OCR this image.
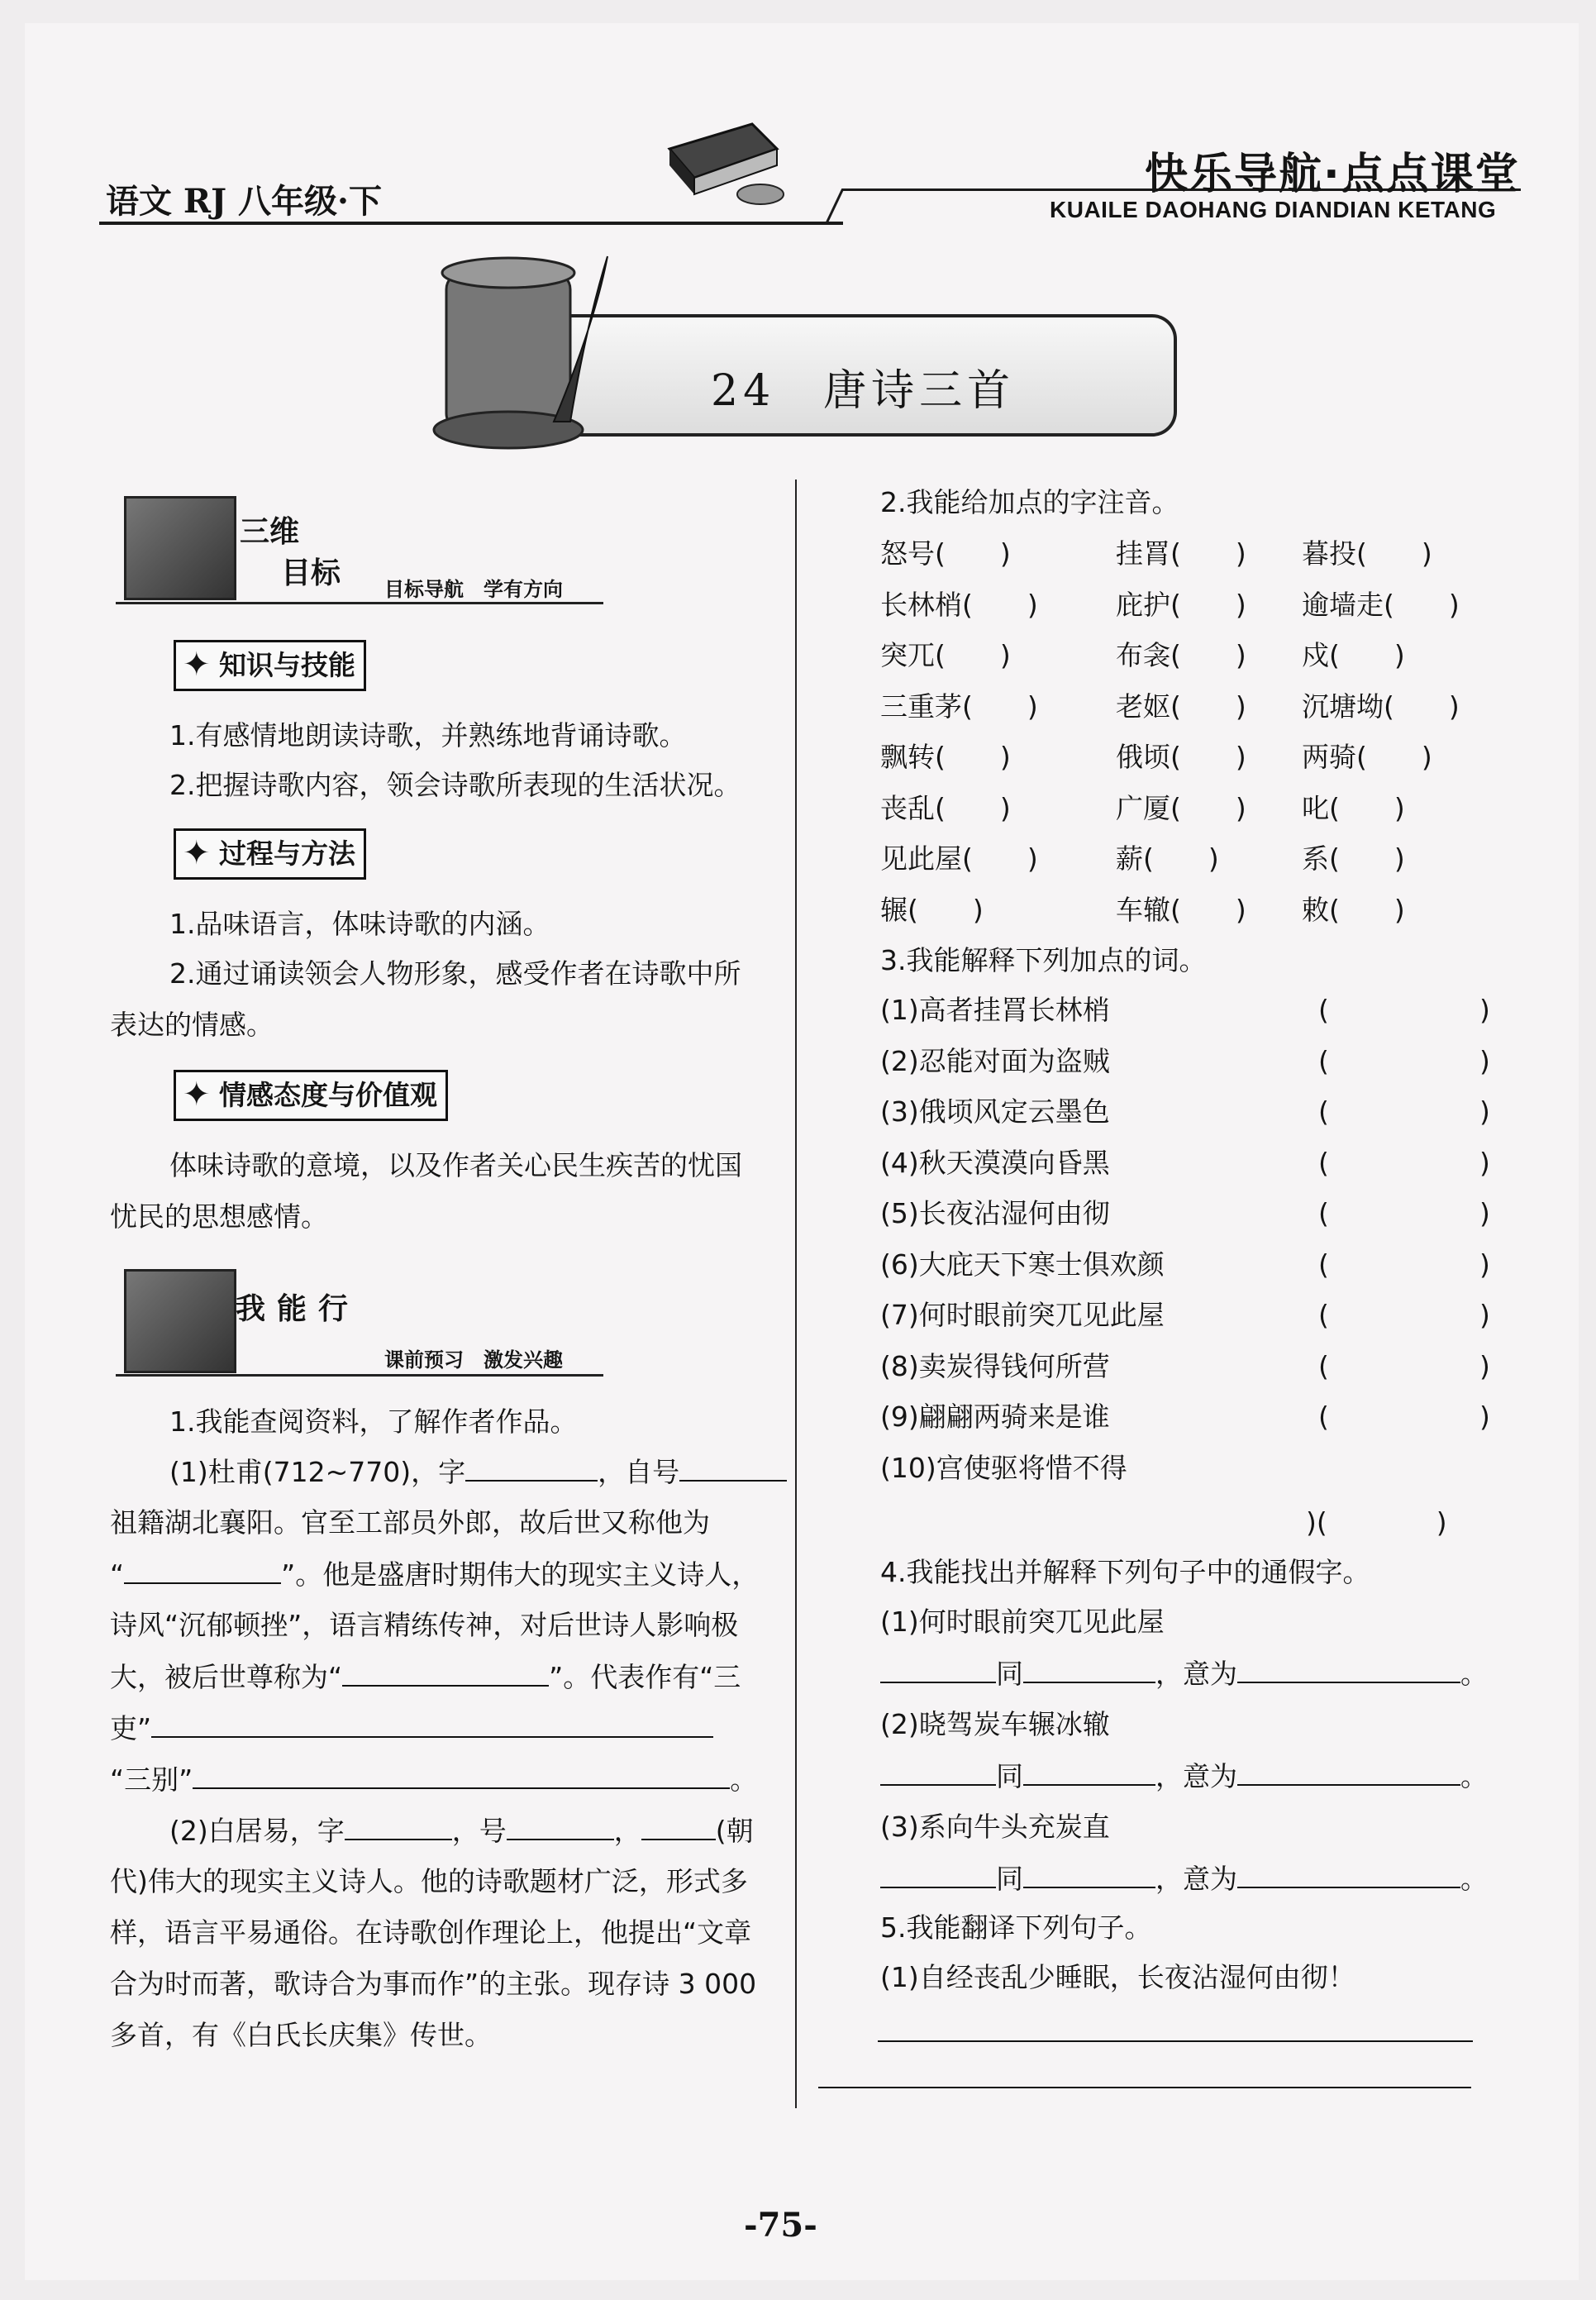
语文 RJ 八年级·下
快乐导航·点点课堂
KUAILE DAOHANG DIANDIAN KETANG
24　唐诗三首
三维
目标 目标导航　学有方向
✦ 知识与技能
1.有感情地朗读诗歌，并熟练地背诵诗歌。
2.把握诗歌内容，领会诗歌所表现的生活状况。
✦ 过程与方法
1.品味语言，体味诗歌的内涵。
2.通过诵读领会人物形象，感受作者在诗歌中所
表达的情感。
✦ 情感态度与价值观
体味诗歌的意境，以及作者关心民生疾苦的忧国
忧民的思想感情。
我能行
课前预习　激发兴趣
1.我能查阅资料，了解作者作品。
(1)杜甫(712~770)，字	，自号
祖籍湖北襄阳。官至工部员外郎，故后世又称他为
“	”。他是盛唐时期伟大的现实主义诗人，
诗风“沉郁顿挫”，语言精练传神，对后世诗人影响极
大，被后世尊称为“	”。代表作有“三
吏”
“三别”	。
(2)白居易，字	，号	，	(朝
代)伟大的现实主义诗人。他的诗歌题材广泛，形式多
样，语言平易通俗。在诗歌创作理论上，他提出“文章
合为时而著，歌诗合为事而作”的主张。现存诗 3 000
多首，有《白氏长庆集》传世。
2.我能给加点的字注音。
怒号(　　)	挂罥(　　) 暮投(　　)
长林梢(　　)	庇护(　　) 逾墙走(　　)
突兀(　　)	布衾(　　) 戍(　　)
三重茅(　　)	老妪(　　) 沉塘坳(　　)
飘转(　　)	俄顷(　　) 两骑(　　)
丧乱(　　)	广厦(　　) 叱(　　)
见此屋(　　)	薪(　　)	系(　　)
辗(　　)	车辙(　　) 敕(　　)
3.我能解释下列加点的词。
(1)高者挂罥长林梢	(	)
(2)忍能对面为盗贼	(	)
(3)俄顷风定云墨色	(	)
(4)秋天漠漠向昏黑	(	)
(5)长夜沾湿何由彻	(	)
(6)大庇天下寒士俱欢颜	(	)
(7)何时眼前突兀见此屋	(	)
(8)卖炭得钱何所营	(	)
(9)翩翩两骑来是谁	(	)
(10)宫使驱将惜不得
)(　　　　)
4.我能找出并解释下列句子中的通假字。
(1)何时眼前突兀见此屋
同	，意为	。
(2)晓驾炭车辗冰辙
同	，意为	。
(3)系向牛头充炭直
同	，意为	。
5.我能翻译下列句子。
(1)自经丧乱少睡眠，长夜沾湿何由彻！
-75-
